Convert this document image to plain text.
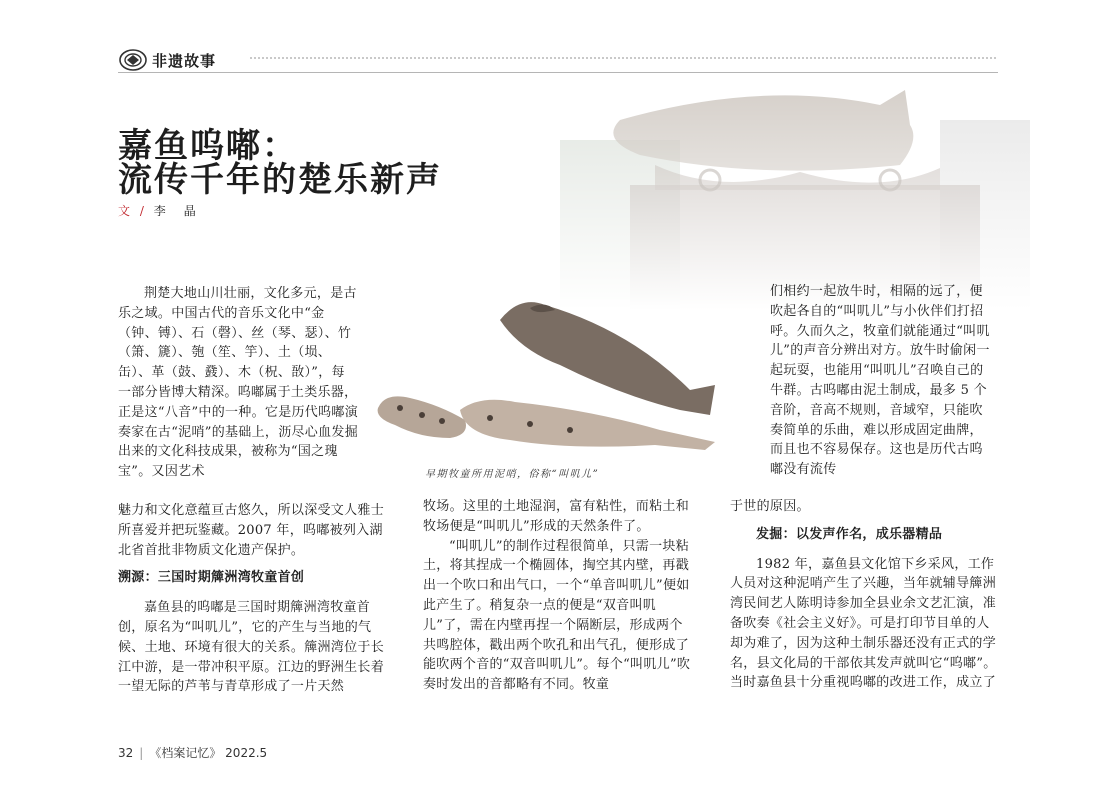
非遗故事
嘉鱼呜嘟：
流传千年的楚乐新声
文 / 李　晶

荆楚大地山川壮丽，文化多元，是古乐之域。中国古代的音乐文化中“金（钟、镈）、石（磬）、丝（琴、瑟）、竹（箫、篪）、匏（笙、竽）、土（埙、缶）、革（鼓、鼗）、木（柷、敔）”，每一部分皆博大精深。呜嘟属于土类乐器，正是这“八音”中的一种。它是历代呜嘟演奏家在古“泥哨”的基础上，沥尽心血发掘出来的文化科技成果，被称为“国之瑰宝”。又因艺术	早期牧童所用泥哨，俗称“叫叽儿”

魅力和文化意蕴亘古悠久，所以深受文人雅士所喜爱并把玩鉴藏。2007 年，呜嘟被列入湖北省首批非物质文化遗产保护。

溯源：三国时期簰洲湾牧童首创

嘉鱼县的呜嘟是三国时期簰洲湾牧童首创，原名为“叫叽儿”，它的产生与当地的气候、土地、环境有很大的关系。簰洲湾位于长江中游，是一带冲积平原。江边的野洲生长着一望无际的芦苇与青草形成了一片天然

牧场。这里的土地湿润，富有粘性，而粘土和牧场便是“叫叽儿”形成的天然条件了。

“叫叽儿”的制作过程很简单，只需一块粘土，将其捏成一个椭圆体，掏空其内壁，再戳出一个吹口和出气口，一个“单音叫叽儿”便如此产生了。稍复杂一点的便是“双音叫叽儿”了，需在内壁再捏一个隔断层，形成两个共鸣腔体，戳出两个吹孔和出气孔，便形成了能吹两个音的“双音叫叽儿”。每个“叫叽儿”吹奏时发出的音都略有不同。牧童

们相约一起放牛时，相隔的远了，便吹起各自的“叫叽儿”与小伙伴们打招呼。久而久之，牧童们就能通过“叫叽儿”的声音分辨出对方。放牛时偷闲一起玩耍，也能用“叫叽儿”召唤自己的牛群。古呜嘟由泥土制成，最多 5 个音阶，音高不规则，音域窄，只能吹奏简单的乐曲，难以形成固定曲牌，而且也不容易保存。这也是历代古呜嘟没有流传

于世的原因。

发掘：以发声作名，成乐器精品

1982 年，嘉鱼县文化馆下乡采风，工作人员对这种泥哨产生了兴趣，当年就辅导簰洲湾民间艺人陈明诗参加全县业余文艺汇演，准备吹奏《社会主义好》。可是打印节目单的人却为难了，因为这种土制乐器还没有正式的学名，县文化局的干部依其发声就叫它“呜嘟”。当时嘉鱼县十分重视呜嘟的改进工作，成立了

32 | 《档案记忆》 2022.5
